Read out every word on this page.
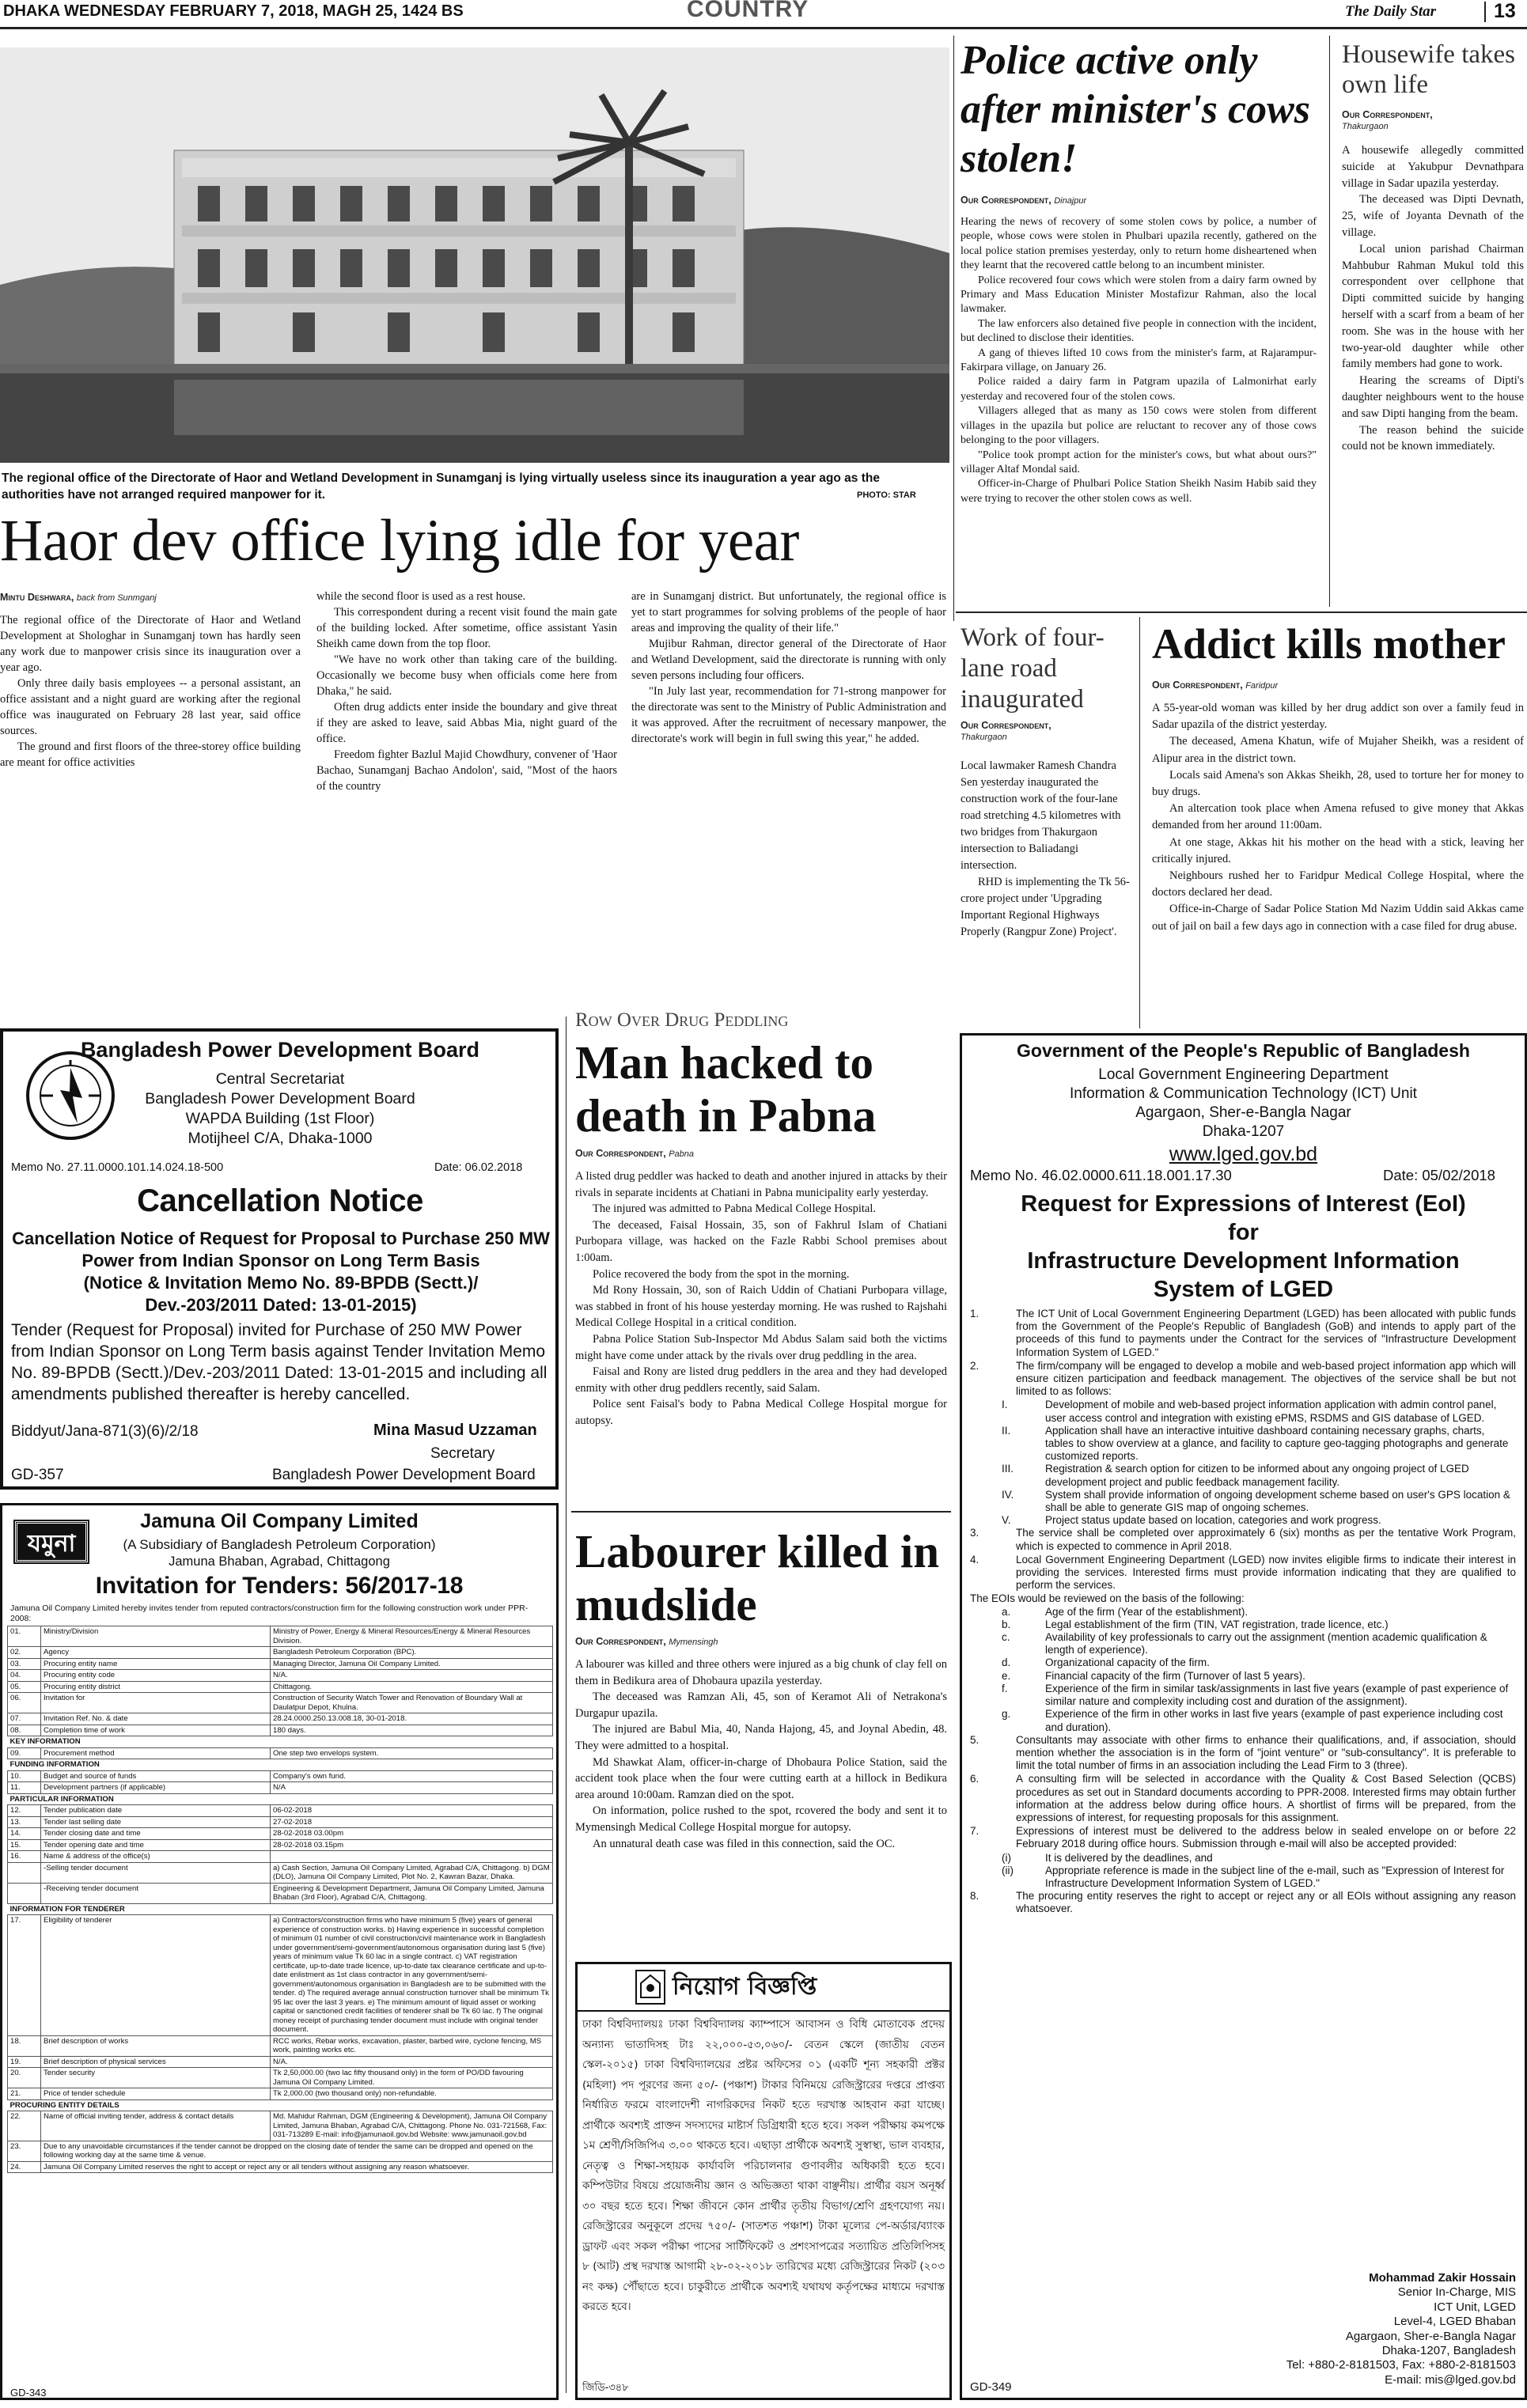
DHAKA WEDNESDAY FEBRUARY 7, 2018, MAGH 25, 1424 BS	COUNTRY	The Daily Star	13
The regional office of the Directorate of Haor and Wetland Development in Sunamganj is lying virtually useless since its inauguration a year ago as the authorities have not arranged required manpower for it.	PHOTO: STAR
Haor dev office lying idle for year
Mintu Deshwara, back from Sunmganj

The regional office of the Directorate of Haor and Wetland Development at Shologhar in Sunamganj town has hardly seen any work due to manpower crisis since its inauguration over a year ago.

Only three daily basis employees -- a personal assistant, an office assistant and a night guard are working after the regional office was inaugurated on February 28 last year, said office sources.

The ground and first floors of the three-storey office building are meant for office activities

while the second floor is used as a rest house.

This correspondent during a recent visit found the main gate of the building locked. After sometime, office assistant Yasin Sheikh came down from the top floor.

"We have no work other than taking care of the building. Occasionally we become busy when officials come here from Dhaka," he said.

Often drug addicts enter inside the boundary and give threat if they are asked to leave, said Abbas Mia, night guard of the office.

Freedom fighter Bazlul Majid Chowdhury, convener of 'Haor Bachao, Sunamganj Bachao Andolon', said, "Most of the haors of the country

are in Sunamganj district. But unfortunately, the regional office is yet to start programmes for solving problems of the people of haor areas and improving the quality of their life."

Mujibur Rahman, director general of the Directorate of Haor and Wetland Development, said the directorate is running with only seven persons including four officers.

"In July last year, recommendation for 71-strong manpower for the directorate was sent to the Ministry of Public Administration and it was approved. After the recruitment of necessary manpower, the directorate's work will begin in full swing this year," he added.

Police active only after minister's cows stolen!
Our Correspondent, Dinajpur

Hearing the news of recovery of some stolen cows by police, a number of people, whose cows were stolen in Phulbari upazila recently, gathered on the local police station premises yesterday, only to return home disheartened when they learnt that the recovered cattle belong to an incumbent minister.

Police recovered four cows which were stolen from a dairy farm owned by Primary and Mass Education Minister Mostafizur Rahman, also the local lawmaker.

The law enforcers also detained five people in connection with the incident, but declined to disclose their identities.

A gang of thieves lifted 10 cows from the minister's farm, at Rajarampur-Fakirpara village, on January 26.

Police raided a dairy farm in Patgram upazila of Lalmonirhat early yesterday and recovered four of the stolen cows.

Villagers alleged that as many as 150 cows were stolen from different villages in the upazila but police are reluctant to recover any of those cows belonging to the poor villagers.

"Police took prompt action for the minister's cows, but what about ours?" villager Altaf Mondal said.

Officer-in-Charge of Phulbari Police Station Sheikh Nasim Habib said they were trying to recover the other stolen cows as well.

Housewife takes own life
Our Correspondent,
Thakurgaon

A housewife allegedly committed suicide at Yakubpur Devnathpara village in Sadar upazila yesterday.

The deceased was Dipti Devnath, 25, wife of Joyanta Devnath of the village.

Local union parishad Chairman Mahbubur Rahman Mukul told this correspondent over cellphone that Dipti committed suicide by hanging herself with a scarf from a beam of her room. She was in the house with her two-year-old daughter while other family members had gone to work.

Hearing the screams of Dipti's daughter neighbours went to the house and saw Dipti hanging from the beam.

The reason behind the suicide could not be known immediately.

Work of four-lane road inaugurated
Our Correspondent,
Thakurgaon

Local lawmaker Ramesh Chandra Sen yesterday inaugurated the construction work of the four-lane road stretching 4.5 kilometres with two bridges from Thakurgaon intersection to Baliadangi intersection.

RHD is implementing the Tk 56-crore project under 'Upgrading Important Regional Highways Properly (Rangpur Zone) Project'.

Addict kills mother
Our Correspondent, Faridpur

A 55-year-old woman was killed by her drug addict son over a family feud in Sadar upazila of the district yesterday.

The deceased, Amena Khatun, wife of Mujaher Sheikh, was a resident of Alipur area in the district town.

Locals said Amena's son Akkas Sheikh, 28, used to torture her for money to buy drugs.

An altercation took place when Amena refused to give money that Akkas demanded from her around 11:00am.

At one stage, Akkas hit his mother on the head with a stick, leaving her critically injured.

Neighbours rushed her to Faridpur Medical College Hospital, where the doctors declared her dead.

Office-in-Charge of Sadar Police Station Md Nazim Uddin said Akkas came out of jail on bail a few days ago in connection with a case filed for drug abuse.

Bangladesh Power Development Board
Central Secretariat
Bangladesh Power Development Board
WAPDA Building (1st Floor)
Motijheel C/A, Dhaka-1000
Memo No. 27.11.0000.101.14.024.18-500	Date: 06.02.2018
Cancellation Notice
Cancellation Notice of Request for Proposal to Purchase 250 MW
Power from Indian Sponsor on Long Term Basis
(Notice & Invitation Memo No. 89-BPDB (Sectt.)/
Dev.-203/2011 Dated: 13-01-2015)
Tender (Request for Proposal) invited for Purchase of 250 MW Power from Indian Sponsor on Long Term basis against Tender Invitation Memo No. 89-BPDB (Sectt.)/Dev.-203/2011 Dated: 13-01-2015 and including all amendments published thereafter is hereby cancelled.
Biddyut/Jana-871(3)(6)/2/18	Mina Masud Uzzaman
Secretary
GD-357	Bangladesh Power Development Board
যমুনা
Jamuna Oil Company Limited
(A Subsidiary of Bangladesh Petroleum Corporation)
Jamuna Bhaban, Agrabad, Chittagong
Invitation for Tenders: 56/2017-18
Jamuna Oil Company Limited hereby invites tender from reputed contractors/construction firm for the following construction work under PPR-2008:
01.	Ministry/Division	Ministry of Power, Energy & Mineral Resources/Energy & Mineral Resources Division.
02.	Agency	Bangladesh Petroleum Corporation (BPC).
03.	Procuring entity name	Managing Director, Jamuna Oil Company Limited.
04.	Procuring entity code	N/A.
05.	Procuring entity district	Chittagong.
06.	Invitation for	Construction of Security Watch Tower and Renovation of Boundary Wall at Daulatpur Depot, Khulna.
07.	Invitation Ref. No. & date	28.24.0000.250.13.008.18, 30-01-2018.
08.	Completion time of work	180 days.
KEY INFORMATION		
09.	Procurement method	One step two envelops system.
FUNDING INFORMATION		
10.	Budget and source of funds	Company's own fund.
11.	Development partners (if applicable)	N/A
PARTICULAR INFORMATION		
12.	Tender publication date	06-02-2018
13.	Tender last selling date	27-02-2018
14.	Tender closing date and time	28-02-2018 03.00pm
15.	Tender opening date and time	28-02-2018 03.15pm
16.	Name & address of the office(s)	
	-Selling tender document	a) Cash Section, Jamuna Oil Company Limited, Agrabad C/A, Chittagong. b) DGM (DLO), Jamuna Oil Company Limited, Plot No. 2, Kawran Bazar, Dhaka.
	-Receiving tender document	Engineering & Development Department, Jamuna Oil Company Limited, Jamuna Bhaban (3rd Floor), Agrabad C/A, Chittagong.
INFORMATION FOR TENDERER		
17.	Eligibility of tenderer	a) Contractors/construction firms who have minimum 5 (five) years of general experience of construction works. b) Having experience in successful completion of minimum 01 number of civil construction/civil maintenance work in Bangladesh under government/semi-government/autonomous organisation during last 5 (five) years of minimum value Tk 60 lac in a single contract. c) VAT registration certificate, up-to-date trade licence, up-to-date tax clearance certificate and up-to-date enlistment as 1st class contractor in any government/semi-government/autonomous organisation in Bangladesh are to be submitted with the tender. d) The required average annual construction turnover shall be minimum Tk 95 lac over the last 3 years. e) The minimum amount of liquid asset or working capital or sanctioned credit facilities of tenderer shall be Tk 60 lac. f) The original money receipt of purchasing tender document must include with original tender document.
18.	Brief description of works	RCC works, Rebar works, excavation, plaster, barbed wire, cyclone fencing, MS work, painting works etc.
19.	Brief description of physical services	N/A.
20.	Tender security	Tk 2,50,000.00 (two lac fifty thousand only) in the form of PO/DD favouring Jamuna Oil Company Limited.
21.	Price of tender schedule	Tk 2,000.00 (two thousand only) non-refundable.
PROCURING ENTITY DETAILS		
22.	Name of official inviting tender, address & contact details	Md. Mahidur Rahman, DGM (Engineering & Development), Jamuna Oil Company Limited, Jamuna Bhaban, Agrabad C/A, Chittagong. Phone No. 031-721568, Fax: 031-713289 E-mail: info@jamunaoil.gov.bd Website: www.jamunaoil.gov.bd
23.	Due to any unavoidable circumstances if the tender cannot be dropped on the closing date of tender the same can be dropped and opened on the following working day at the same time & venue.	
24.	Jamuna Oil Company Limited reserves the right to accept or reject any or all tenders without assigning any reason whatsoever.	
GD-343
Row Over Drug Peddling
Man hacked to death in Pabna
Our Correspondent, Pabna

A listed drug peddler was hacked to death and another injured in attacks by their rivals in separate incidents at Chatiani in Pabna municipality early yesterday.

The injured was admitted to Pabna Medical College Hospital.

The deceased, Faisal Hossain, 35, son of Fakhrul Islam of Chatiani Purbopara village, was hacked on the Fazle Rabbi School premises about 1:00am.

Police recovered the body from the spot in the morning.

Md Rony Hossain, 30, son of Raich Uddin of Chatiani Purbopara village, was stabbed in front of his house yesterday morning. He was rushed to Rajshahi Medical College Hospital in a critical condition.

Pabna Police Station Sub-Inspector Md Abdus Salam said both the victims might have come under attack by the rivals over drug peddling in the area.

Faisal and Rony are listed drug peddlers in the area and they had developed enmity with other drug peddlers recently, said Salam.

Police sent Faisal's body to Pabna Medical College Hospital morgue for autopsy.

Labourer killed in mudslide
Our Correspondent, Mymensingh

A labourer was killed and three others were injured as a big chunk of clay fell on them in Bedikura area of Dhobaura upazila yesterday.

The deceased was Ramzan Ali, 45, son of Keramot Ali of Netrakona's Durgapur upazila.

The injured are Babul Mia, 40, Nanda Hajong, 45, and Joynal Abedin, 48. They were admitted to a hospital.

Md Shawkat Alam, officer-in-charge of Dhobaura Police Station, said the accident took place when the four were cutting earth at a hillock in Bedikura area around 10:00am. Ramzan died on the spot.

On information, police rushed to the spot, rcovered the body and sent it to Mymensingh Medical College Hospital morgue for autopsy.

An unnatural death case was filed in this connection, said the OC.

নিয়োগ বিজ্ঞপ্তি
ঢাকা বিশ্ববিদ্যালয়ঃ ঢাকা বিশ্ববিদ্যালয় ক্যাম্পাসে আবাসন ও বিধি মোতাবেক প্রদেয় অন্যান্য ভাতাদিসহ টাঃ ২২,০০০-৫৩,০৬০/- বেতন স্কেলে (জাতীয় বেতন স্কেল-২০১৫) ঢাকা বিশ্ববিদ্যালয়ের প্রষ্টর অফিসের ০১ (একটি শূন্য সহকারী প্রক্টর (মহিলা) পদ পূরণের জন্য ৫০/- (পঞ্চাশ) টাকার বিনিময়ে রেজিস্ট্রারের দপ্তরে প্রাপ্তব্য নির্ধারিত ফরমে বাংলাদেশী নাগরিকদের নিকট হতে দরখাস্ত আহবান করা যাচ্ছে। প্রার্থীকে অবশ্যই প্রাক্তন সদস্যদের মাষ্টার্স ডিগ্রিধারী হতে হবে। সকল পরীক্ষায় কমপক্ষে ১ম শ্রেণী/সিজিপিএ ৩.০০ থাকতে হবে। এছাড়া প্রার্থীকে অবশ্যই সুস্বাস্থ্য, ভাল ব্যবহার, নেতৃত্ব ও শিক্ষা-সহায়ক কার্যাবলি পরিচালনার গুণাবলীর অধিকারী হতে হবে। কম্পিউটার বিষয়ে প্রয়োজনীয় জ্ঞান ও অভিজ্ঞতা থাকা বাঞ্ছনীয়। প্রার্থীর বয়স অনূর্ধ্ব ৩০ বছর হতে হবে। শিক্ষা জীবনে কোন প্রার্থীর তৃতীয় বিভাগ/শ্রেণি গ্রহণযোগ্য নয়। রেজিস্ট্রারের অনুকূলে প্রদেয় ৭৫০/- (সাতশত পঞ্চাশ) টাকা মূল্যের পে-অর্ডার/ব্যাংক ড্রাফট এবং সকল পরীক্ষা পাসের সার্টিফিকেট ও প্রশংসাপত্রের সত্যায়িত প্রতিলিপিসহ ৮ (আট) প্রস্থ দরখাস্ত আগামী ২৮-০২-২০১৮ তারিখের মধ্যে রেজিস্ট্রারের নিকট (২০৩ নং কক্ষ) পৌঁছাতে হবে। চাকুরীতে প্রার্থীকে অবশ্যই যথাযথ কর্তৃপক্ষের মাধ্যমে দরখাস্ত করতে হবে।
জিডি-৩৪৮
Government of the People's Republic of Bangladesh
Local Government Engineering Department
Information & Communication Technology (ICT) Unit
Agargaon, Sher-e-Bangla Nagar
Dhaka-1207
www.lged.gov.bd
Memo No. 46.02.0000.611.18.001.17.30	Date: 05/02/2018
Request for Expressions of Interest (EoI)
for
Infrastructure Development Information
System of LGED
1.	The ICT Unit of Local Government Engineering Department (LGED) has been allocated with public funds from the Government of the People's Republic of Bangladesh (GoB) and intends to apply part of the proceeds of this fund to payments under the Contract for the services of "Infrastructure Development Information System of LGED."
2.	The firm/company will be engaged to develop a mobile and web-based project information app which will ensure citizen participation and feedback management. The objectives of the service shall be but not limited to as follows:
I.	Development of mobile and web-based project information application with admin control panel, user access control and integration with existing ePMS, RSDMS and GIS database of LGED.
II.	Application shall have an interactive intuitive dashboard containing necessary graphs, charts, tables to show overview at a glance, and facility to capture geo-tagging photographs and generate customized reports.
III.	Registration & search option for citizen to be informed about any ongoing project of LGED development project and public feedback management facility.
IV.	System shall provide information of ongoing development scheme based on user's GPS location & shall be able to generate GIS map of ongoing schemes.
V.	Project status update based on location, categories and work progress.
3.	The service shall be completed over approximately 6 (six) months as per the tentative Work Program, which is expected to commence in April 2018.
4.	Local Government Engineering Department (LGED) now invites eligible firms to indicate their interest in providing the services. Interested firms must provide information indicating that they are qualified to perform the services.
The EOIs would be reviewed on the basis of the following:
a.	Age of the firm (Year of the establishment).
b.	Legal establishment of the firm (TIN, VAT registration, trade licence, etc.)
c.	Availability of key professionals to carry out the assignment (mention academic qualification & length of experience).
d.	Organizational capacity of the firm.
e.	Financial capacity of the firm (Turnover of last 5 years).
f.	Experience of the firm in similar task/assignments in last five years (example of past experience of similar nature and complexity including cost and duration of the assignment).
g.	Experience of the firm in other works in last five years (example of past experience including cost and duration).
5.	Consultants may associate with other firms to enhance their qualifications, and, if association, should mention whether the association is in the form of "joint venture" or "sub-consultancy". It is preferable to limit the total number of firms in an association including the Lead Firm to 3 (three).
6.	A consulting firm will be selected in accordance with the Quality & Cost Based Selection (QCBS) procedures as set out in Standard documents according to PPR-2008. Interested firms may obtain further information at the address below during office hours. A shortlist of firms will be prepared, from the expressions of interest, for requesting proposals for this assignment.
7.	Expressions of interest must be delivered to the address below in sealed envelope on or before 22 February 2018 during office hours. Submission through e-mail will also be accepted provided:
(i)	It is delivered by the deadlines, and
(ii)	Appropriate reference is made in the subject line of the e-mail, such as "Expression of Interest for Infrastructure Development Information System of LGED."
8.	The procuring entity reserves the right to accept or reject any or all EOIs without assigning any reason whatsoever.
Mohammad Zakir Hossain
Senior In-Charge, MIS
ICT Unit, LGED
Level-4, LGED Bhaban
Agargaon, Sher-e-Bangla Nagar
Dhaka-1207, Bangladesh
Tel: +880-2-8181503, Fax: +880-2-8181503
E-mail: mis@lged.gov.bd
GD-349
